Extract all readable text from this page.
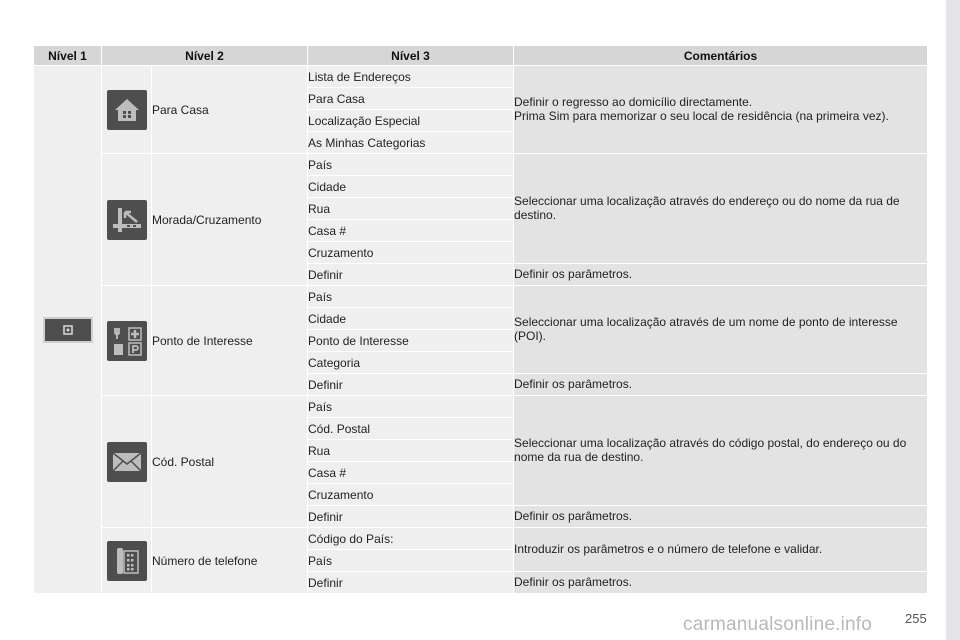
Nível 1	Nível 2		Nível 3	Comentários

	Para Casa	Lista de Endereços	Definir o regresso ao domicílio directamente.
Prima Sim para memorizar o seu local de residência (na primeira vez).

			Para Casa	
			Localização Especial	
			As Minhas Categorias	

	Morada/Cruzamento	País	Seleccionar uma localização através do endereço ou do nome da rua de destino.
			Cidade	
			Rua	
			Casa #	
			Cruzamento	
			Definir	Definir os parâmetros.

	Ponto de Interesse	País	Seleccionar uma localização através de um nome de ponto de interesse (POI).
			Cidade	
			Ponto de Interesse	
			Categoria	
			Definir	Definir os parâmetros.

	Cód. Postal	País	Seleccionar uma localização através do código postal, do endereço ou do nome da rua de destino.
			Cód. Postal	
			Rua	
			Casa #	
			Cruzamento	
			Definir	Definir os parâmetros.

	Número de telefone	Código do País:	Introduzir os parâmetros e o número de telefone e validar.
			País	
			Definir	Definir os parâmetros.
carmanualsonline.info	255
